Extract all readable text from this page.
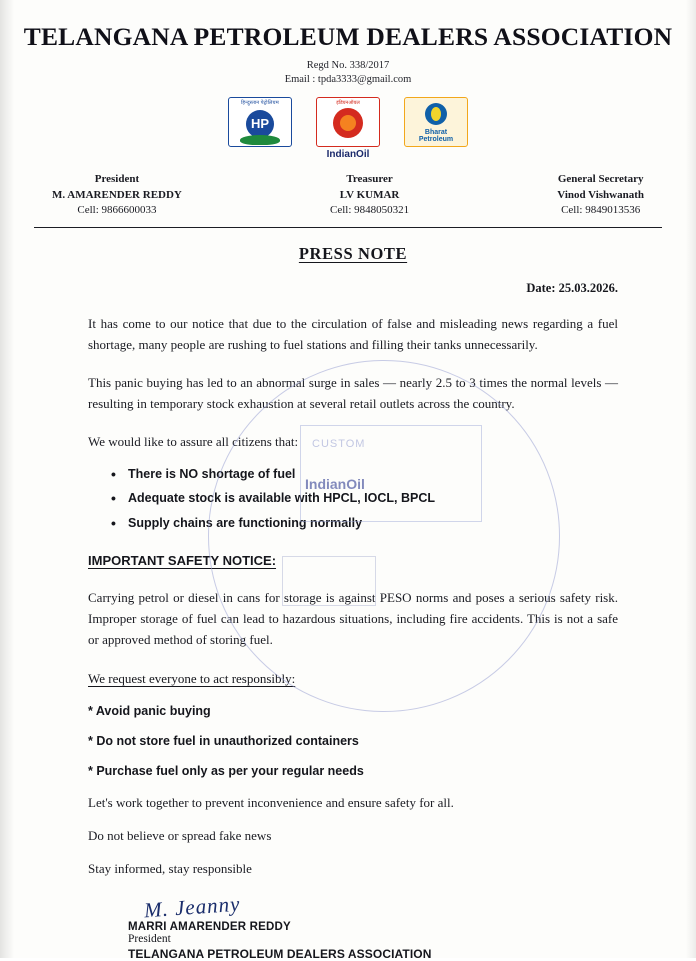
TELANGANA PETROLEUM DEALERS ASSOCIATION
Regd No. 338/2017
Email : tpda3333@gmail.com
हिन्दुस्तान पेट्रोलियम
HP
इंडियनऑयल
IndianOil
Bharat
Petroleum
President
M. AMARENDER REDDY
Cell: 9866600033
Treasurer
LV KUMAR
Cell: 9848050321
General Secretary
Vinod Vishwanath
Cell: 9849013536
PRESS NOTE
Date: 25.03.2026.

It has come to our notice that due to the circulation of false and misleading news regarding a fuel shortage, many people are rushing to fuel stations and filling their tanks unnecessarily.

This panic buying has led to an abnormal surge in sales — nearly 2.5 to 3 times the normal levels — resulting in temporary stock exhaustion at several retail outlets across the country.

We would like to assure all citizens that:

• There is NO shortage of fuel
• Adequate stock is available with HPCL, IOCL, BPCL
• Supply chains are functioning normally
IMPORTANT SAFETY NOTICE:

Carrying petrol or diesel in cans for storage is against PESO norms and poses a serious safety risk. Improper storage of fuel can lead to hazardous situations, including fire accidents. This is not a safe or approved method of storing fuel.

We request everyone to act responsibly:
* Avoid panic buying
* Do not store fuel in unauthorized containers
* Purchase fuel only as per your regular needs
Let's work together to prevent inconvenience and ensure safety for all.
Do not believe or spread fake news
Stay informed, stay responsible
M. Jeanny
MARRI AMARENDER REDDY
President
TELANGANA PETROLEUM DEALERS ASSOCIATION
CUSTOM
IndianOil
